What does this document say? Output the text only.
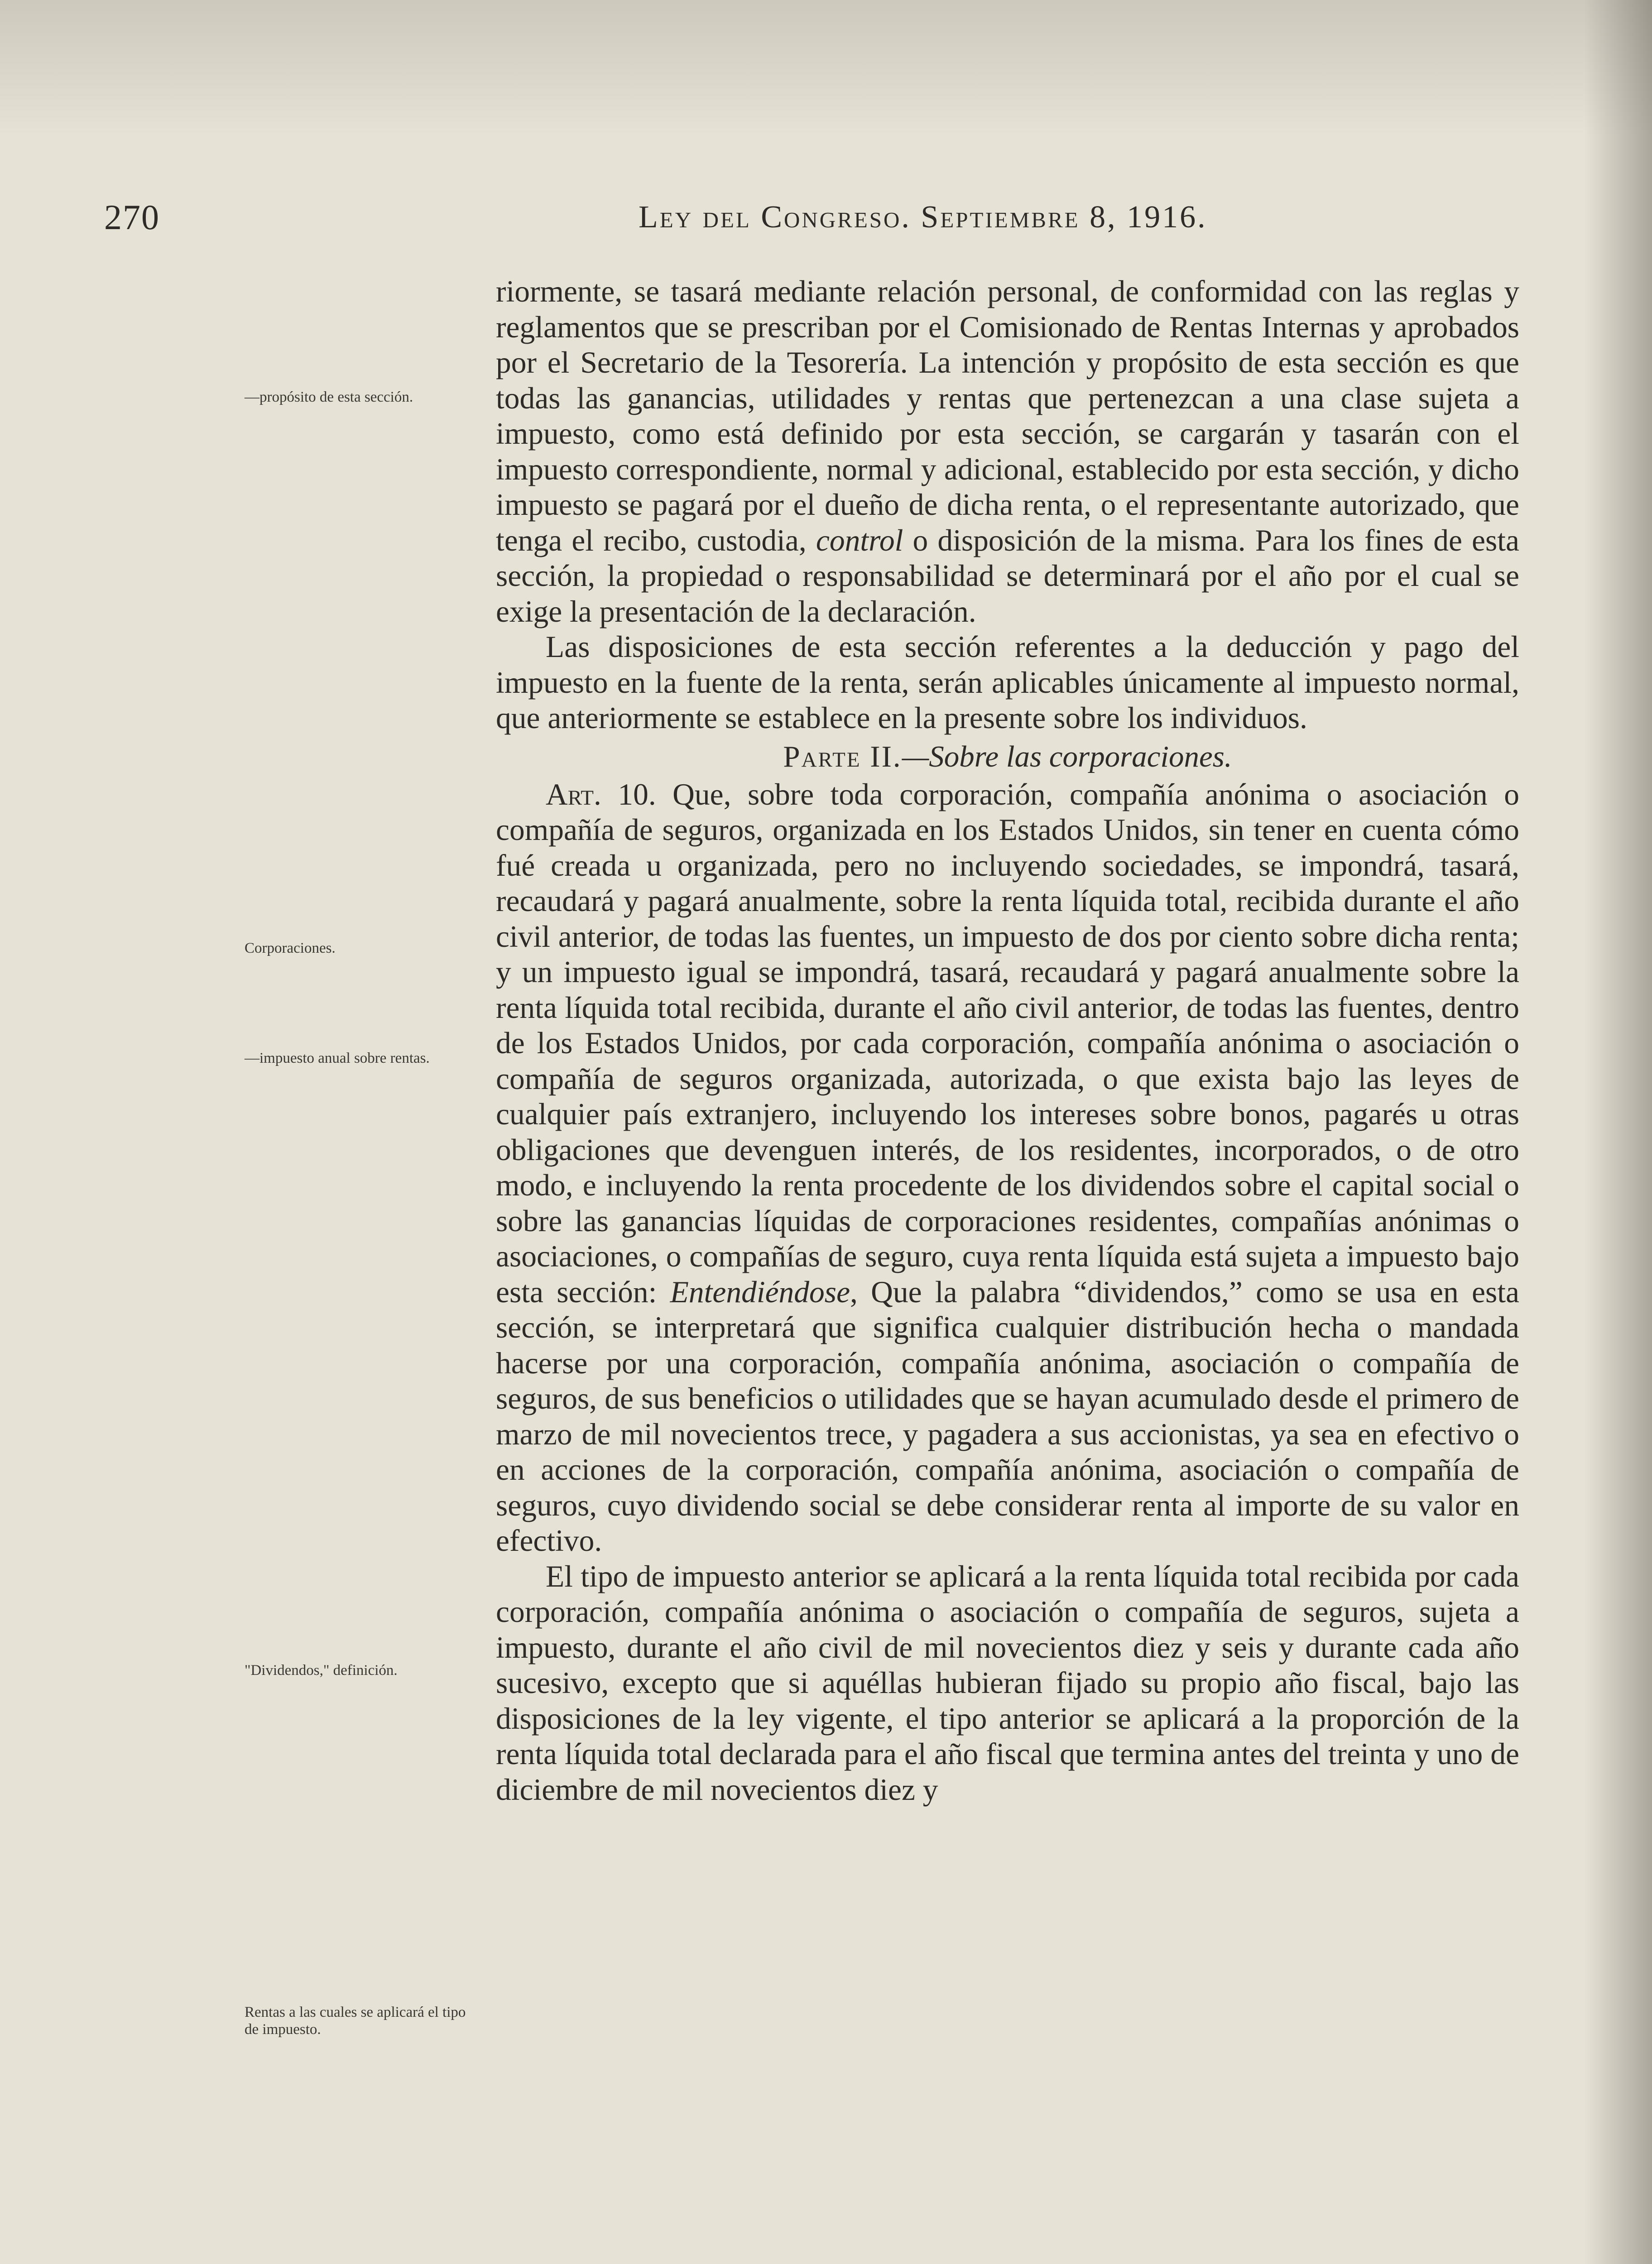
270	Ley del Congreso. Septiembre 8, 1916.
—propósito de esta sección.
Corporaciones.
—impuesto anual sobre rentas.
"Dividendos," definición.
Rentas a las cuales se aplicará el tipo de impuesto.

riormente, se tasará mediante relación personal, de conformidad con las reglas y reglamentos que se prescriban por el Comisionado de Rentas Internas y aprobados por el Secretario de la Tesorería. La intención y propósito de esta sección es que todas las ganancias, utilidades y rentas que pertenezcan a una clase sujeta a impuesto, como está definido por esta sección, se cargarán y tasarán con el impuesto correspondiente, normal y adicional, establecido por esta sección, y dicho impuesto se pagará por el dueño de dicha renta, o el representante autorizado, que tenga el recibo, custodia, control o disposición de la misma. Para los fines de esta sección, la propiedad o responsabilidad se determinará por el año por el cual se exige la presentación de la declaración.

Las disposiciones de esta sección referentes a la deducción y pago del impuesto en la fuente de la renta, serán aplicables únicamente al impuesto normal, que anteriormente se establece en la presente sobre los individuos.

Parte II.—Sobre las corporaciones.

Art. 10. Que, sobre toda corporación, compañía anónima o asociación o compañía de seguros, organizada en los Estados Unidos, sin tener en cuenta cómo fué creada u organizada, pero no incluyendo sociedades, se impondrá, tasará, recaudará y pagará anualmente, sobre la renta líquida total, recibida durante el año civil anterior, de todas las fuentes, un impuesto de dos por ciento sobre dicha renta; y un impuesto igual se impondrá, tasará, recaudará y pagará anualmente sobre la renta líquida total recibida, durante el año civil anterior, de todas las fuentes, dentro de los Estados Unidos, por cada corporación, compañía anónima o asociación o compañía de seguros organizada, autorizada, o que exista bajo las leyes de cualquier país extranjero, incluyendo los intereses sobre bonos, pagarés u otras obligaciones que devenguen interés, de los residentes, incorporados, o de otro modo, e incluyendo la renta procedente de los dividendos sobre el capital social o sobre las ganancias líquidas de corporaciones residentes, compañías anónimas o asociaciones, o compañías de seguro, cuya renta líquida está sujeta a impuesto bajo esta sección: Entendiéndose, Que la palabra “dividendos,” como se usa en esta sección, se interpretará que significa cualquier distribución hecha o mandada hacerse por una corporación, compañía anónima, asociación o compañía de seguros, de sus beneficios o utilidades que se hayan acumulado desde el primero de marzo de mil novecientos trece, y pagadera a sus accionistas, ya sea en efectivo o en acciones de la corporación, compañía anónima, asociación o compañía de seguros, cuyo dividendo social se debe considerar renta al importe de su valor en efectivo.

El tipo de impuesto anterior se aplicará a la renta líquida total recibida por cada corporación, compañía anónima o asociación o compañía de seguros, sujeta a impuesto, durante el año civil de mil novecientos diez y seis y durante cada año sucesivo, excepto que si aquéllas hubieran fijado su propio año fiscal, bajo las disposiciones de la ley vigente, el tipo anterior se aplicará a la proporción de la renta líquida total declarada para el año fiscal que termina antes del treinta y uno de diciembre de mil novecientos diez y
